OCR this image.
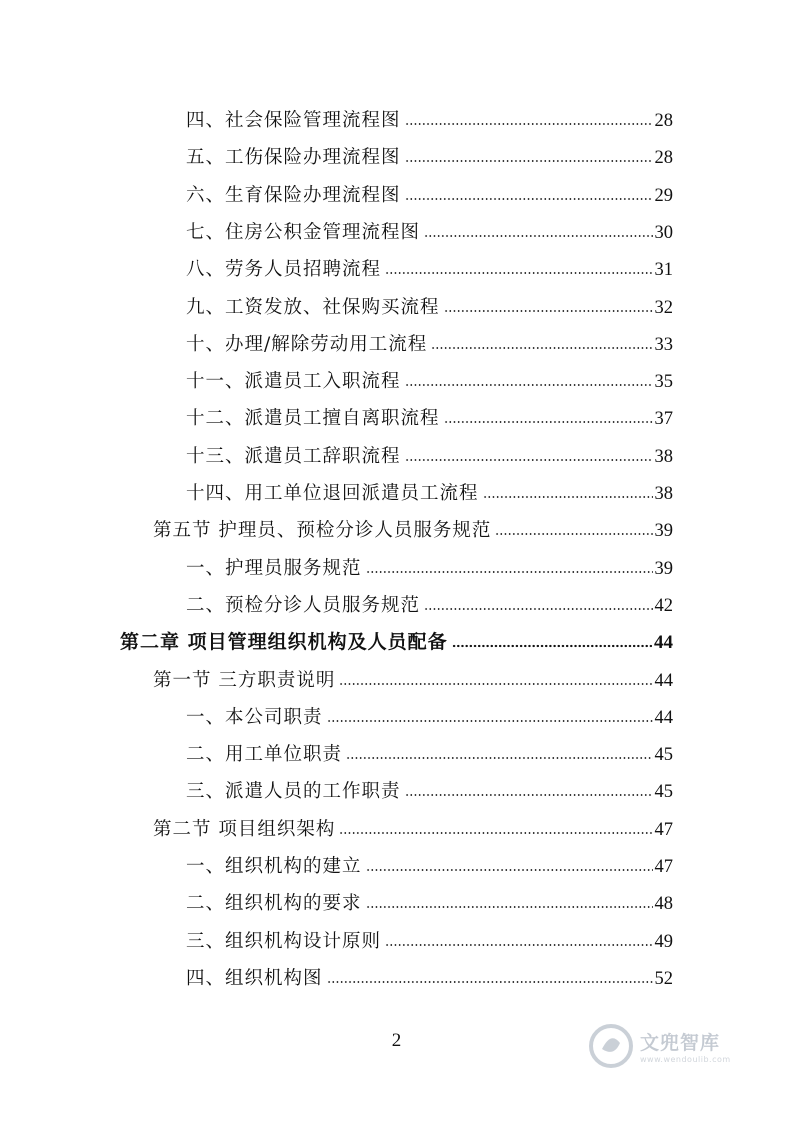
四、社会保险管理流程图	28
五、工伤保险办理流程图	28
六、生育保险办理流程图	29
七、住房公积金管理流程图	30
八、劳务人员招聘流程	31
九、工资发放、社保购买流程	32
十、办理/解除劳动用工流程	33
十一、派遣员工入职流程	35
十二、派遣员工擅自离职流程	37
十三、派遣员工辞职流程	38
十四、用工单位退回派遣员工流程	38
第五节 护理员、预检分诊人员服务规范	39
一、护理员服务规范	39
二、预检分诊人员服务规范	42
第二章 项目管理组织机构及人员配备	44
第一节 三方职责说明	44
一、本公司职责	44
二、用工单位职责	45
三、派遣人员的工作职责	45
第二节 项目组织架构	47
一、组织机构的建立	47
二、组织机构的要求	48
三、组织机构设计原则	49
四、组织机构图	52
2	文兜智库
www.wendoulib.com
